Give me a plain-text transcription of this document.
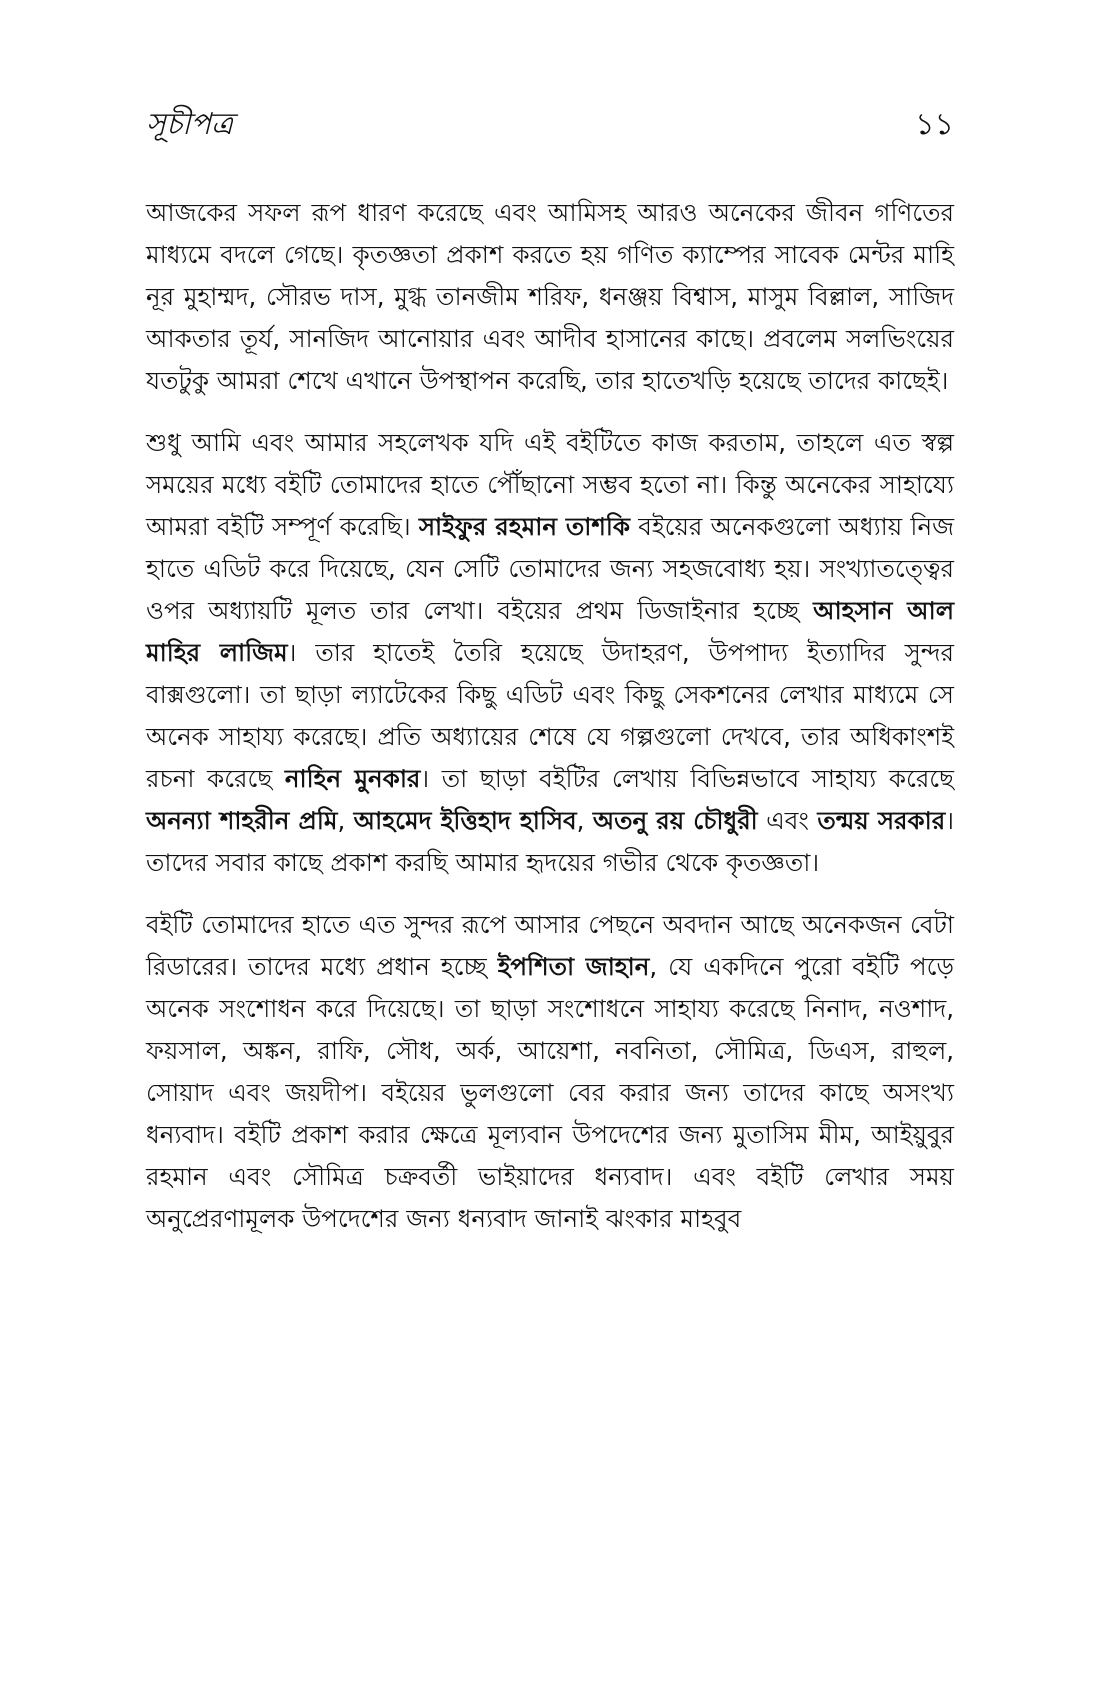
সূচীপত্র	১১

আজকের সফল রূপ ধারণ করেছে এবং আমিসহ আরও অনেকের জীবন গণিতের মাধ্যমে বদলে গেছে। কৃতজ্ঞতা প্রকাশ করতে হয় গণিত ক্যাম্পের সাবেক মেন্টর মাহি নূর মুহাম্মদ, সৌরভ দাস, মুগ্ধ তানজীম শরিফ, ধনঞ্জয় বিশ্বাস, মাসুম বিল্লাল, সাজিদ আকতার তূর্য, সানজিদ আনোয়ার এবং আদীব হাসানের কাছে। প্রবলেম সলভিংয়ের যতটুকু আমরা শেখে এখানে উপস্থাপন করেছি, তার হাতেখড়ি হয়েছে তাদের কাছেই।

শুধু আমি এবং আমার সহলেখক যদি এই বইটিতে কাজ করতাম, তাহলে এত স্বল্প সময়ের মধ্যে বইটি তোমাদের হাতে পৌঁছানো সম্ভব হতো না। কিন্তু অনেকের সাহায্যে আমরা বইটি সম্পূর্ণ করেছি। সাইফুর রহমান তাশকি বইয়ের অনেকগুলো অধ্যায় নিজ হাতে এডিট করে দিয়েছে, যেন সেটি তোমাদের জন্য সহজবোধ্য হয়। সংখ্যাতত্ত্বের ওপর অধ্যায়টি মূলত তার লেখা। বইয়ের প্রথম ডিজাইনার হচ্ছে আহসান আল মাহির লাজিম। তার হাতেই তৈরি হয়েছে উদাহরণ, উপপাদ্য ইত্যাদির সুন্দর বাক্সগুলো। তা ছাড়া ল্যাটেকের কিছু এডিট এবং কিছু সেকশনের লেখার মাধ্যমে সে অনেক সাহায্য করেছে। প্রতি অধ্যায়ের শেষে যে গল্পগুলো দেখবে, তার অধিকাংশই রচনা করেছে নাহিন মুনকার। তা ছাড়া বইটির লেখায় বিভিন্নভাবে সাহায্য করেছে অনন্যা শাহরীন প্রমি, আহমেদ ইত্তিহাদ হাসিব, অতনু রয় চৌধুরী এবং তন্ময় সরকার। তাদের সবার কাছে প্রকাশ করছি আমার হৃদয়ের গভীর থেকে কৃতজ্ঞতা।

বইটি তোমাদের হাতে এত সুন্দর রূপে আসার পেছনে অবদান আছে অনেকজন বেটা রিডারের। তাদের মধ্যে প্রধান হচ্ছে ইপশিতা জাহান, যে একদিনে পুরো বইটি পড়ে অনেক সংশোধন করে দিয়েছে। তা ছাড়া সংশোধনে সাহায্য করেছে নিনাদ, নওশাদ, ফয়সাল, অঙ্কন, রাফি, সৌধ, অর্ক, আয়েশা, নবনিতা, সৌমিত্র, ডিএস, রাহুল, সোয়াদ এবং জয়দীপ। বইয়ের ভুলগুলো বের করার জন্য তাদের কাছে অসংখ্য ধন্যবাদ। বইটি প্রকাশ করার ক্ষেত্রে মূল্যবান উপদেশের জন্য মুতাসিম মীম, আইয়ুবুর রহমান এবং সৌমিত্র চক্রবর্তী ভাইয়াদের ধন্যবাদ। এবং বইটি লেখার সময় অনুপ্রেরণামূলক উপদেশের জন্য ধন্যবাদ জানাই ঝংকার মাহবুব
